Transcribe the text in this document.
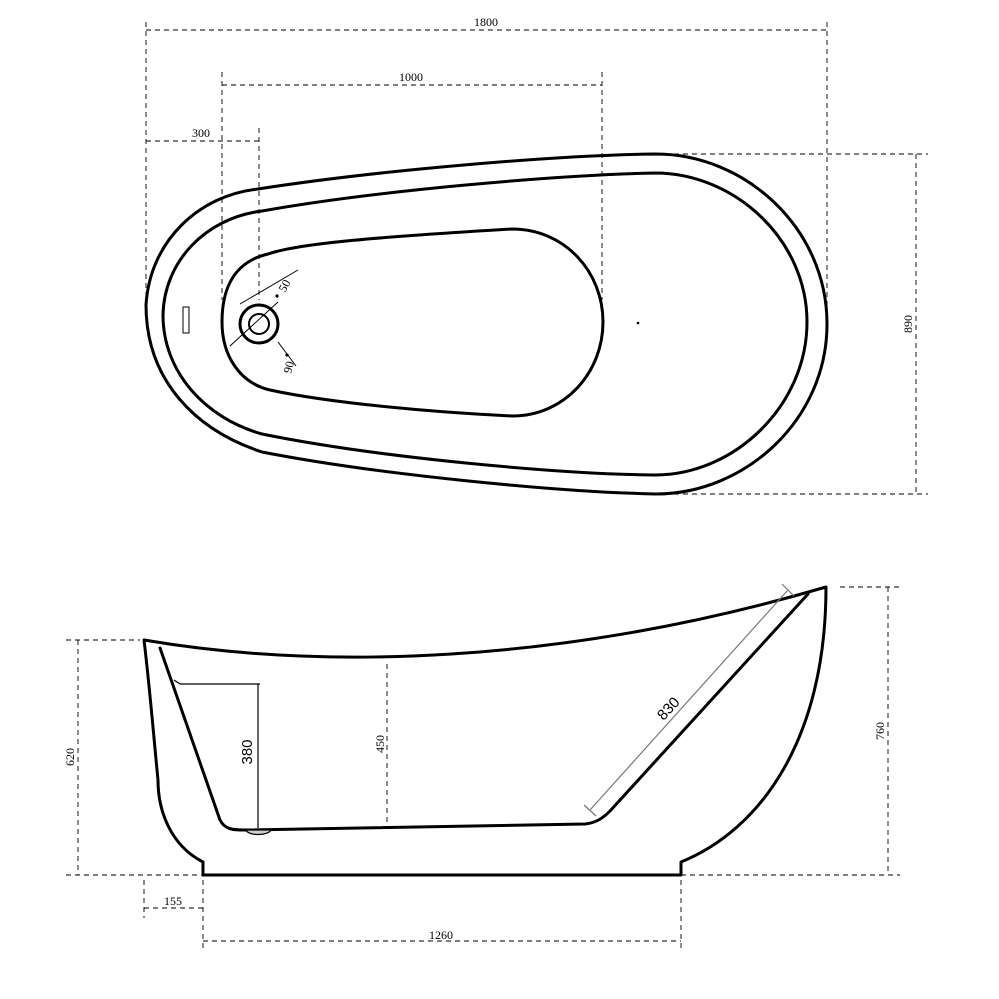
50
90
1800
1000
300
890
380	450
830
620
760
155
1260
